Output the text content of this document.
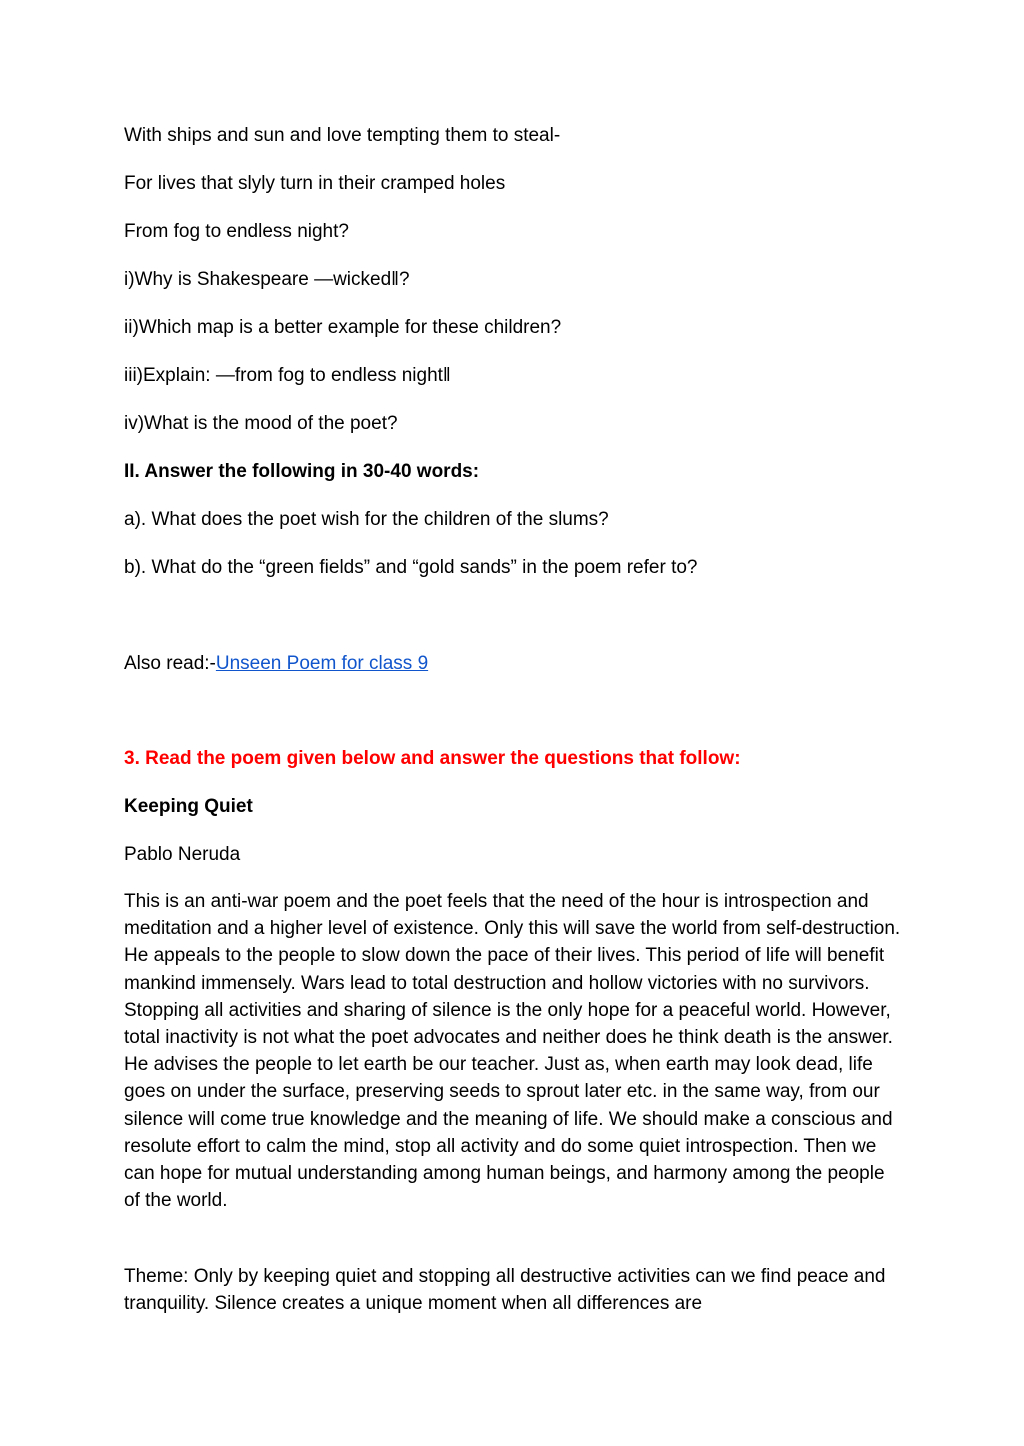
With ships and sun and love tempting them to steal-
For lives that slyly turn in their cramped holes
From fog to endless night?
i)Why is Shakespeare ―wicked‖?
ii)Which map is a better example for these children?
iii)Explain: ―from fog to endless night‖
iv)What is the mood of the poet?
II. Answer the following in 30-40 words:
a). What does the poet wish for the children of the slums?
b). What do the “green fields” and “gold sands” in the poem refer to?
Also read:-Unseen Poem for class 9
3. Read the poem given below and answer the questions that follow:
Keeping Quiet
Pablo Neruda
This is an anti-war poem and the poet feels that the need of the hour is introspection and meditation and a higher level of existence. Only this will save the world from self-destruction. He appeals to the people to slow down the pace of their lives. This period of life will benefit mankind immensely. Wars lead to total destruction and hollow victories with no survivors. Stopping all activities and sharing of silence is the only hope for a peaceful world. However, total inactivity is not what the poet advocates and neither does he think death is the answer. He advises the people to let earth be our teacher. Just as, when earth may look dead, life goes on under the surface, preserving seeds to sprout later etc. in the same way, from our silence will come true knowledge and the meaning of life. We should make a conscious and resolute effort to calm the mind, stop all activity and do some quiet introspection. Then we can hope for mutual understanding among human beings, and harmony among the people of the world.
Theme: Only by keeping quiet and stopping all destructive activities can we find peace and tranquility. Silence creates a unique moment when all differences are
